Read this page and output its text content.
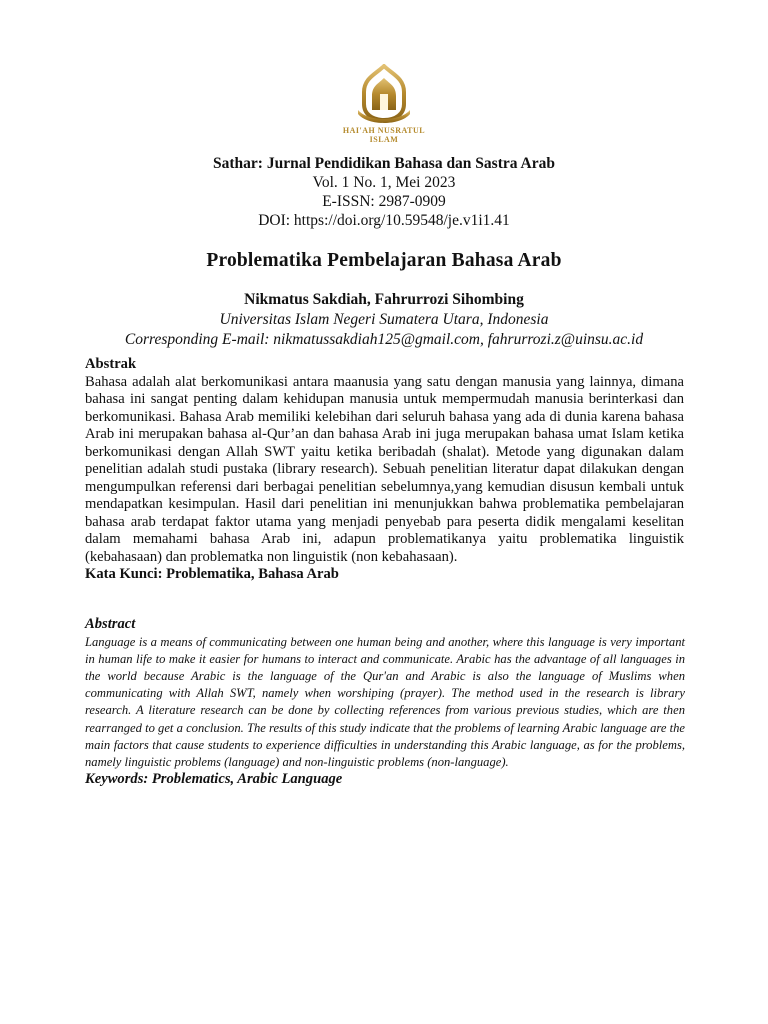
HAI'AH NUSRATUL
ISLAM
Sathar: Jurnal Pendidikan Bahasa dan Sastra Arab
Vol. 1 No. 1, Mei 2023
E-ISSN: 2987-0909
DOI: https://doi.org/10.59548/je.v1i1.41
Problematika Pembelajaran Bahasa Arab
Nikmatus Sakdiah, Fahrurrozi Sihombing
Universitas Islam Negeri Sumatera Utara, Indonesia
Corresponding E-mail: nikmatussakdiah125@gmail.com, fahrurrozi.z@uinsu.ac.id
Abstrak

Bahasa adalah alat berkomunikasi antara maanusia yang satu dengan manusia yang lainnya, dimana bahasa ini sangat penting dalam kehidupan manusia untuk mempermudah manusia berinterkasi dan berkomunikasi. Bahasa Arab memiliki kelebihan dari seluruh bahasa yang ada di dunia karena bahasa Arab ini merupakan bahasa al-Qur’an dan bahasa Arab ini juga merupakan bahasa umat Islam ketika berkomunikasi dengan Allah SWT yaitu ketika beribadah (shalat). Metode yang digunakan dalam penelitian adalah studi pustaka (library research). Sebuah penelitian literatur dapat dilakukan dengan mengumpulkan referensi dari berbagai penelitian sebelumnya,yang kemudian disusun kembali untuk mendapatkan kesimpulan. Hasil dari penelitian ini menunjukkan bahwa problematika pembelajaran bahasa arab terdapat faktor utama yang menjadi penyebab para peserta didik mengalami keselitan dalam memahami bahasa Arab ini, adapun problematikanya yaitu problematika linguistik (kebahasaan) dan problematka non linguistik (non kebahasaan).

Kata Kunci: Problematika, Bahasa Arab
Abstract

Language is a means of communicating between one human being and another, where this language is very important in human life to make it easier for humans to interact and communicate. Arabic has the advantage of all languages in the world because Arabic is the language of the Qur'an and Arabic is also the language of Muslims when communicating with Allah SWT, namely when worshiping (prayer). The method used in the research is library research. A literature research can be done by collecting references from various previous studies, which are then rearranged to get a conclusion. The results of this study indicate that the problems of learning Arabic language are the main factors that cause students to experience difficulties in understanding this Arabic language, as for the problems, namely linguistic problems (language) and non-linguistic problems (non-language).

Keywords: Problematics, Arabic Language
